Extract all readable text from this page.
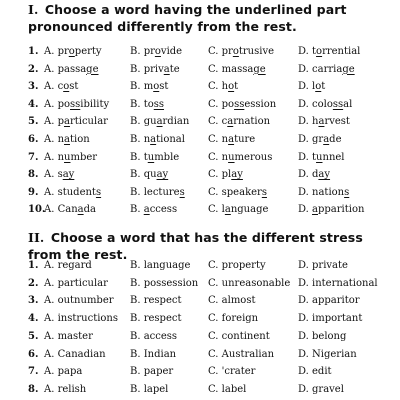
I. Choose a word having the underlined part pronounced differently from the rest.
1. A. property	B. provide	C. protrusive D. torrential
2. A. passage	B. private	C. massage	D. carriage
3. A. cost	B. most	C. hot	D. lot
4. A. possibility B. toss	C. possession D. colossal
5. A. particular B. guardian C. carnation	D. harvest
6. A. nation	B. national C. nature	D. grade
7. A. number	B. tumble	C. numerous	D. tunnel
8. A. say	B. quay	C. play	D. day
9. A. students	B. lectures C. speakers	D. nations
10.
A. Canada	B. access	C. language	D. apparition
II. Choose a word that has the different stress from the rest.
1. A. regard	B. language C. property	D. private
2. A. particular B. possession C. unreasonable D. international
3. A. outnumber B. respect	C. almost	D. apparitor
4. A. instructions B. respect	C. foreign	D. important
5. A. master	B. access	C. continent	D. belong
6. A. Canadian B. Indian	C. Australian D. Nigerian
7. A. papa	B. paper	C. 'crater	D. edit
8. A. relish	B. lapel	C. label	D. gravel
